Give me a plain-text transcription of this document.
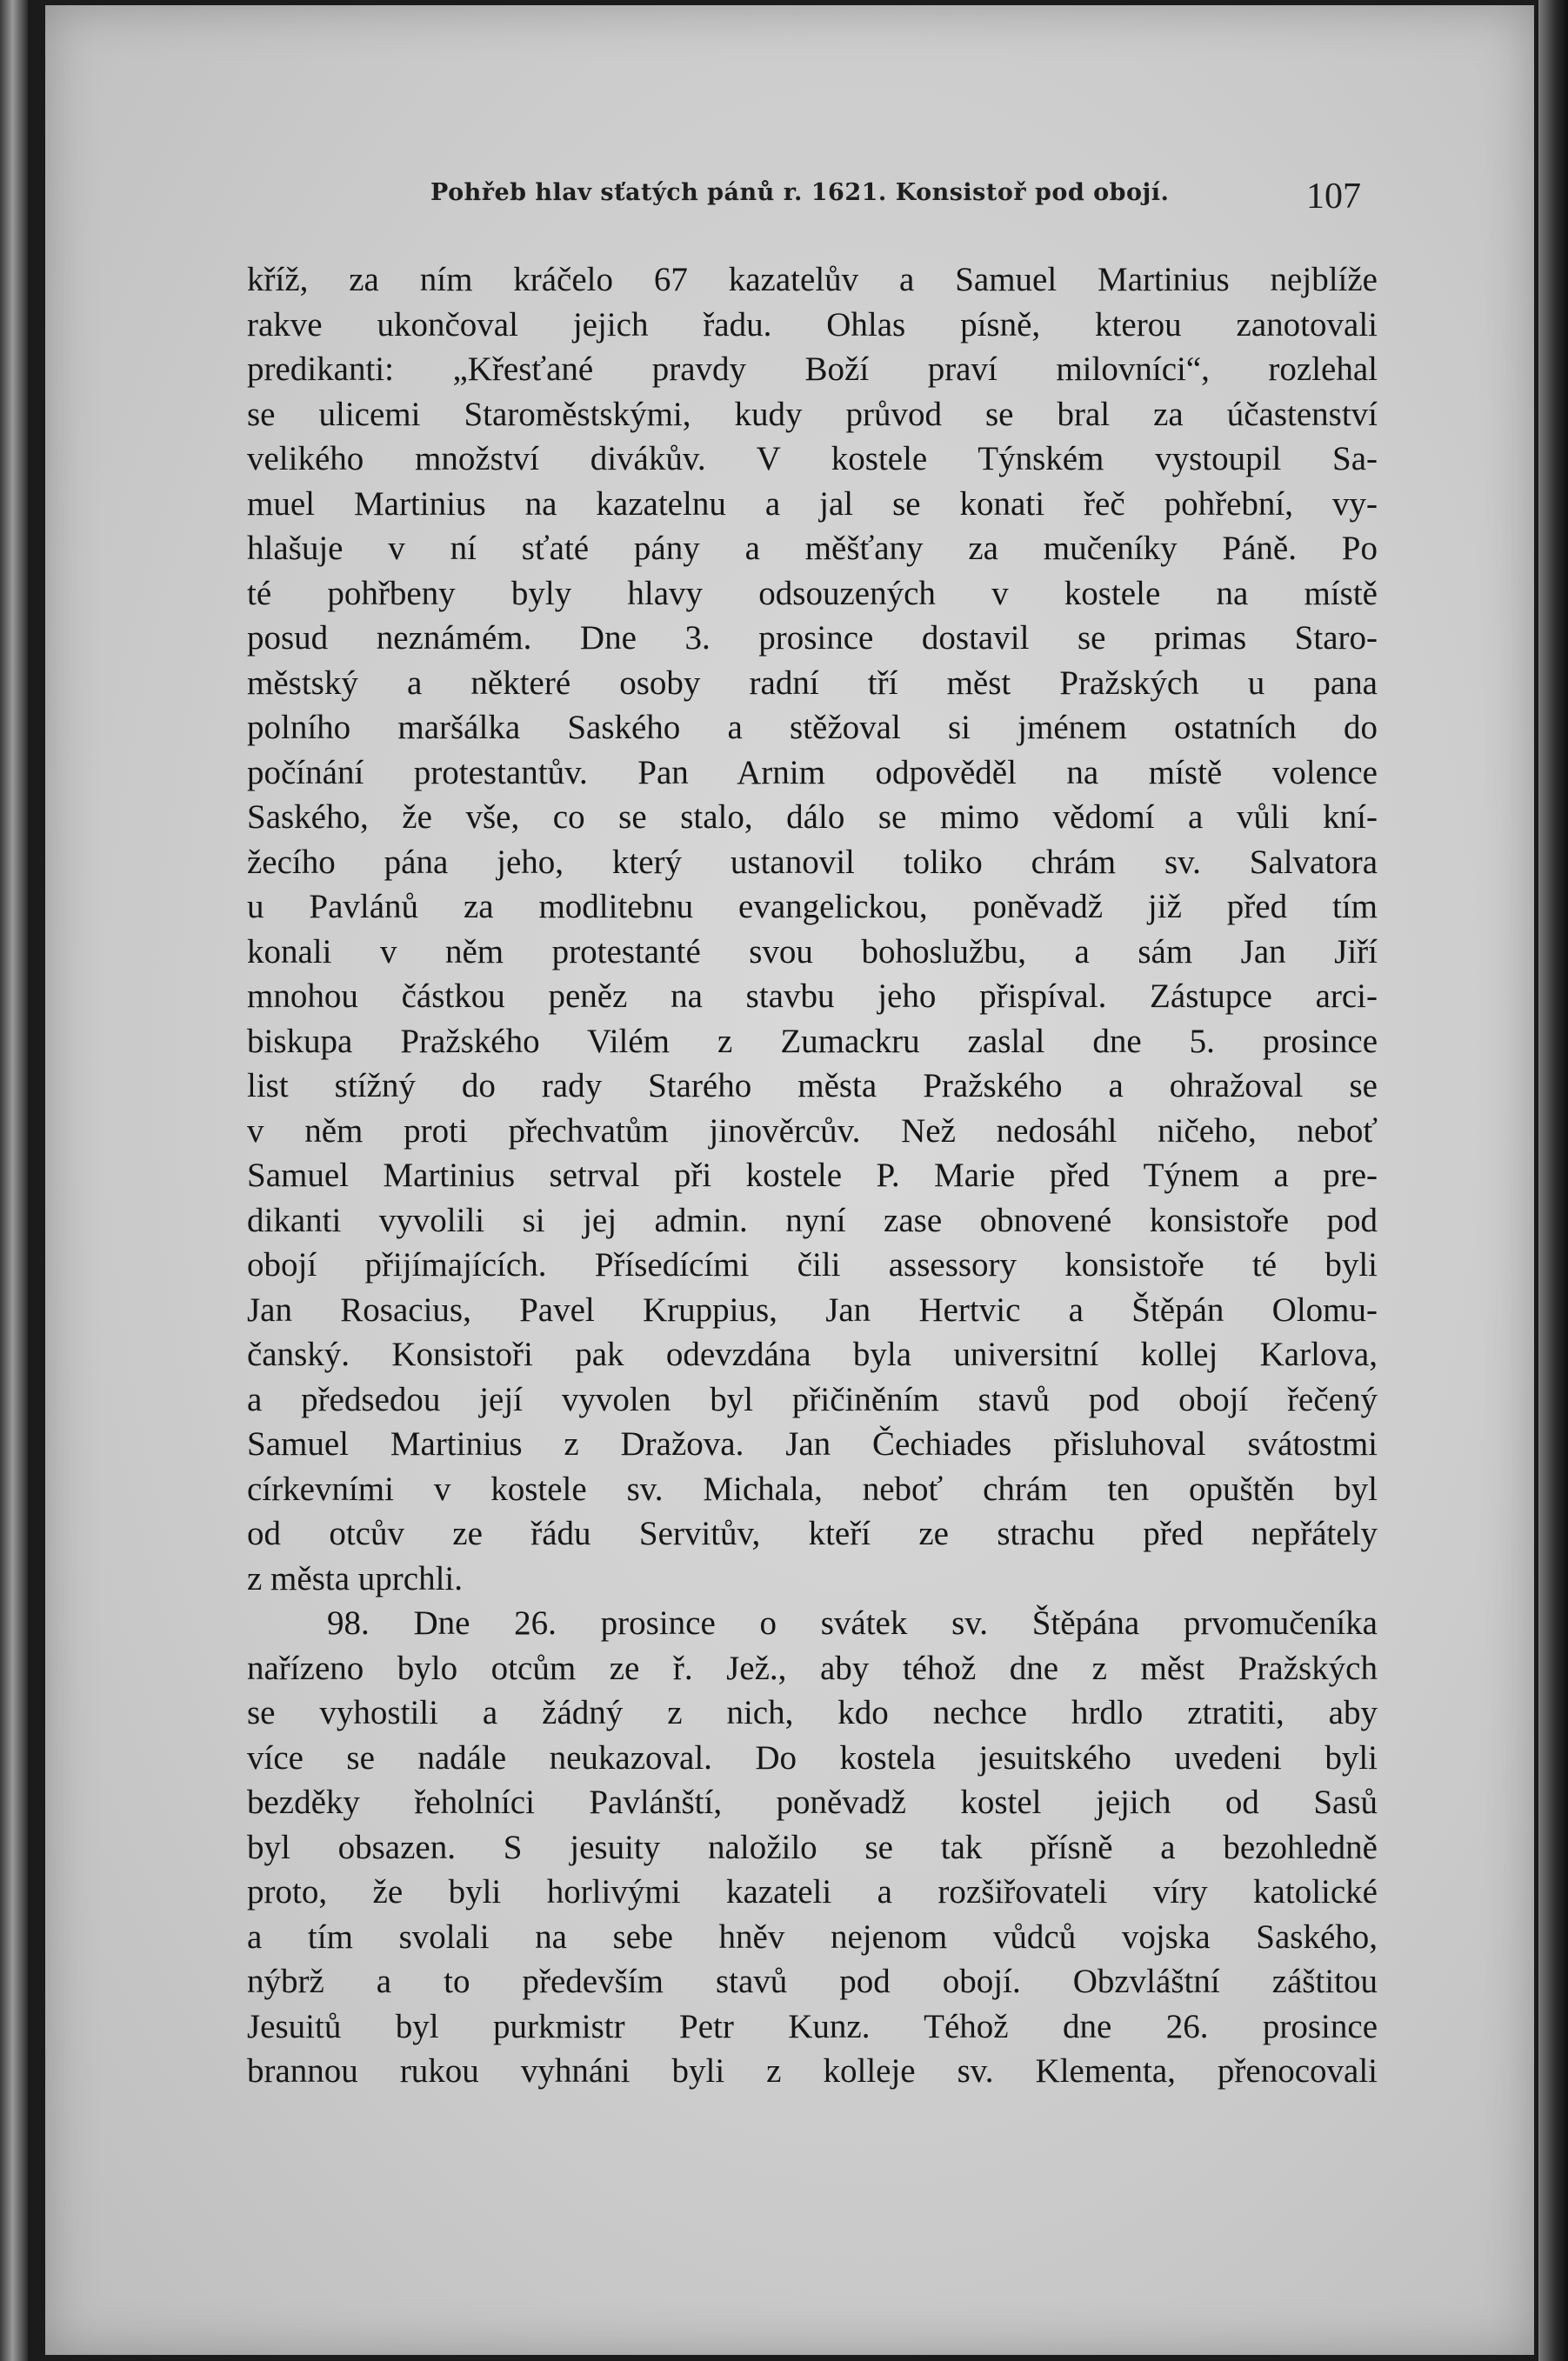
Pohřeb hlav sťatých pánů r. 1621. Konsistoř pod obojí.	107
kříž, za ním kráčelo 67 kazatelův a Samuel Martinius nejblíže
rakve ukončoval jejich řadu. Ohlas písně, kterou zanotovali
predikanti: „Křesťané pravdy Boží praví milovníci“, rozlehal
se ulicemi Staroměstskými, kudy průvod se bral za účastenství
velikého množství divákův. V kostele Týnském vystoupil Sa-
muel Martinius na kazatelnu a jal se konati řeč pohřební, vy-
hlašuje v ní sťaté pány a měšťany za mučeníky Páně. Po
té pohřbeny byly hlavy odsouzených v kostele na místě
posud neznámém. Dne 3. prosince dostavil se primas Staro-
městský a některé osoby radní tří měst Pražských u pana
polního maršálka Saského a stěžoval si jménem ostatních do
počínání protestantův. Pan Arnim odpověděl na místě volence
Saského, že vše, co se stalo, dálo se mimo vědomí a vůli kní-
žecího pána jeho, který ustanovil toliko chrám sv. Salvatora
u Pavlánů za modlitebnu evangelickou, poněvadž již před tím
konali v něm protestanté svou bohoslužbu, a sám Jan Jiří
mnohou částkou peněz na stavbu jeho přispíval. Zástupce arci-
biskupa Pražského Vilém z Zumackru zaslal dne 5. prosince
list stížný do rady Starého města Pražského a ohražoval se
v něm proti přechvatům jinověrcův. Než nedosáhl ničeho, neboť
Samuel Martinius setrval při kostele P. Marie před Týnem a pre-
dikanti vyvolili si jej admin. nyní zase obnovené konsistoře pod
obojí přijímajících. Přísedícími čili assessory konsistoře té byli
Jan Rosacius, Pavel Kruppius, Jan Hertvic a Štěpán Olomu-
čanský. Konsistoři pak odevzdána byla universitní kollej Karlova,
a předsedou její vyvolen byl přičiněním stavů pod obojí řečený
Samuel Martinius z Dražova. Jan Čechiades přisluhoval svátostmi
církevními v kostele sv. Michala, neboť chrám ten opuštěn byl
od otcův ze řádu Servitův, kteří ze strachu před nepřátely
z města uprchli.
98. Dne 26. prosince o svátek sv. Štěpána prvomučeníka
nařízeno bylo otcům ze ř. Jež., aby téhož dne z měst Pražských
se vyhostili a žádný z nich, kdo nechce hrdlo ztratiti, aby
více se nadále neukazoval. Do kostela jesuitského uvedeni byli
bezděky řeholníci Pavlánští, poněvadž kostel jejich od Sasů
byl obsazen. S jesuity naložilo se tak přísně a bezohledně
proto, že byli horlivými kazateli a rozšiřovateli víry katolické
a tím svolali na sebe hněv nejenom vůdců vojska Saského,
nýbrž a to především stavů pod obojí. Obzvláštní záštitou
Jesuitů byl purkmistr Petr Kunz. Téhož dne 26. prosince
brannou rukou vyhnáni byli z kolleje sv. Klementa, přenocovali
